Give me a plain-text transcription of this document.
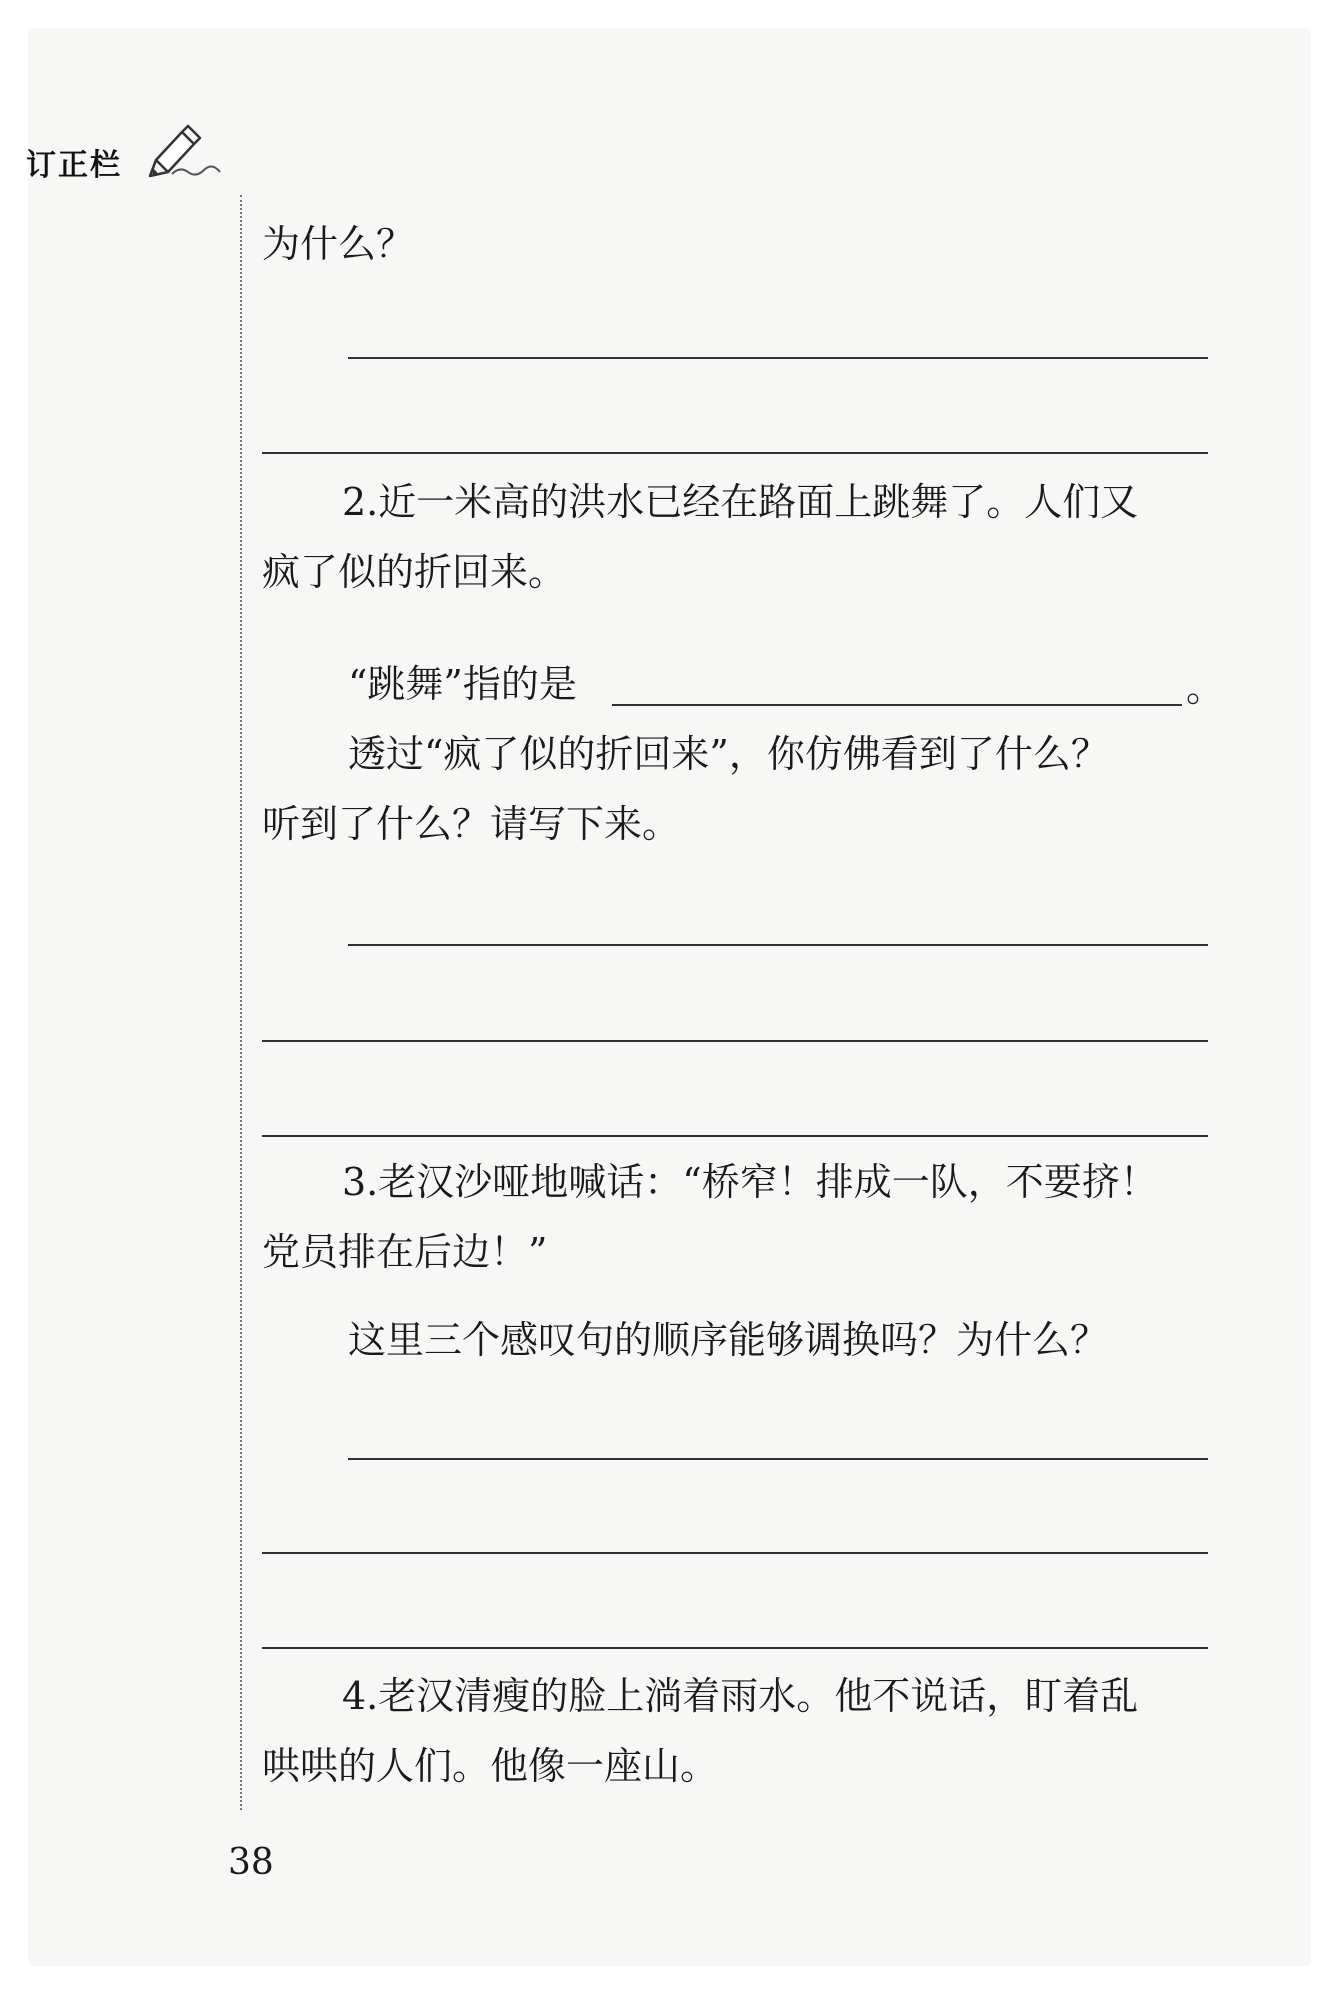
订正栏
为什么？
2.近一米高的洪水已经在路面上跳舞了。人们又
疯了似的折回来。
“跳舞”指的是	。
透过“疯了似的折回来”，你仿佛看到了什么？
听到了什么？请写下来。
3.老汉沙哑地喊话：“桥窄！排成一队，不要挤！
党员排在后边！”
这里三个感叹句的顺序能够调换吗？为什么？
4.老汉清瘦的脸上淌着雨水。他不说话，盯着乱
哄哄的人们。他像一座山。
38
